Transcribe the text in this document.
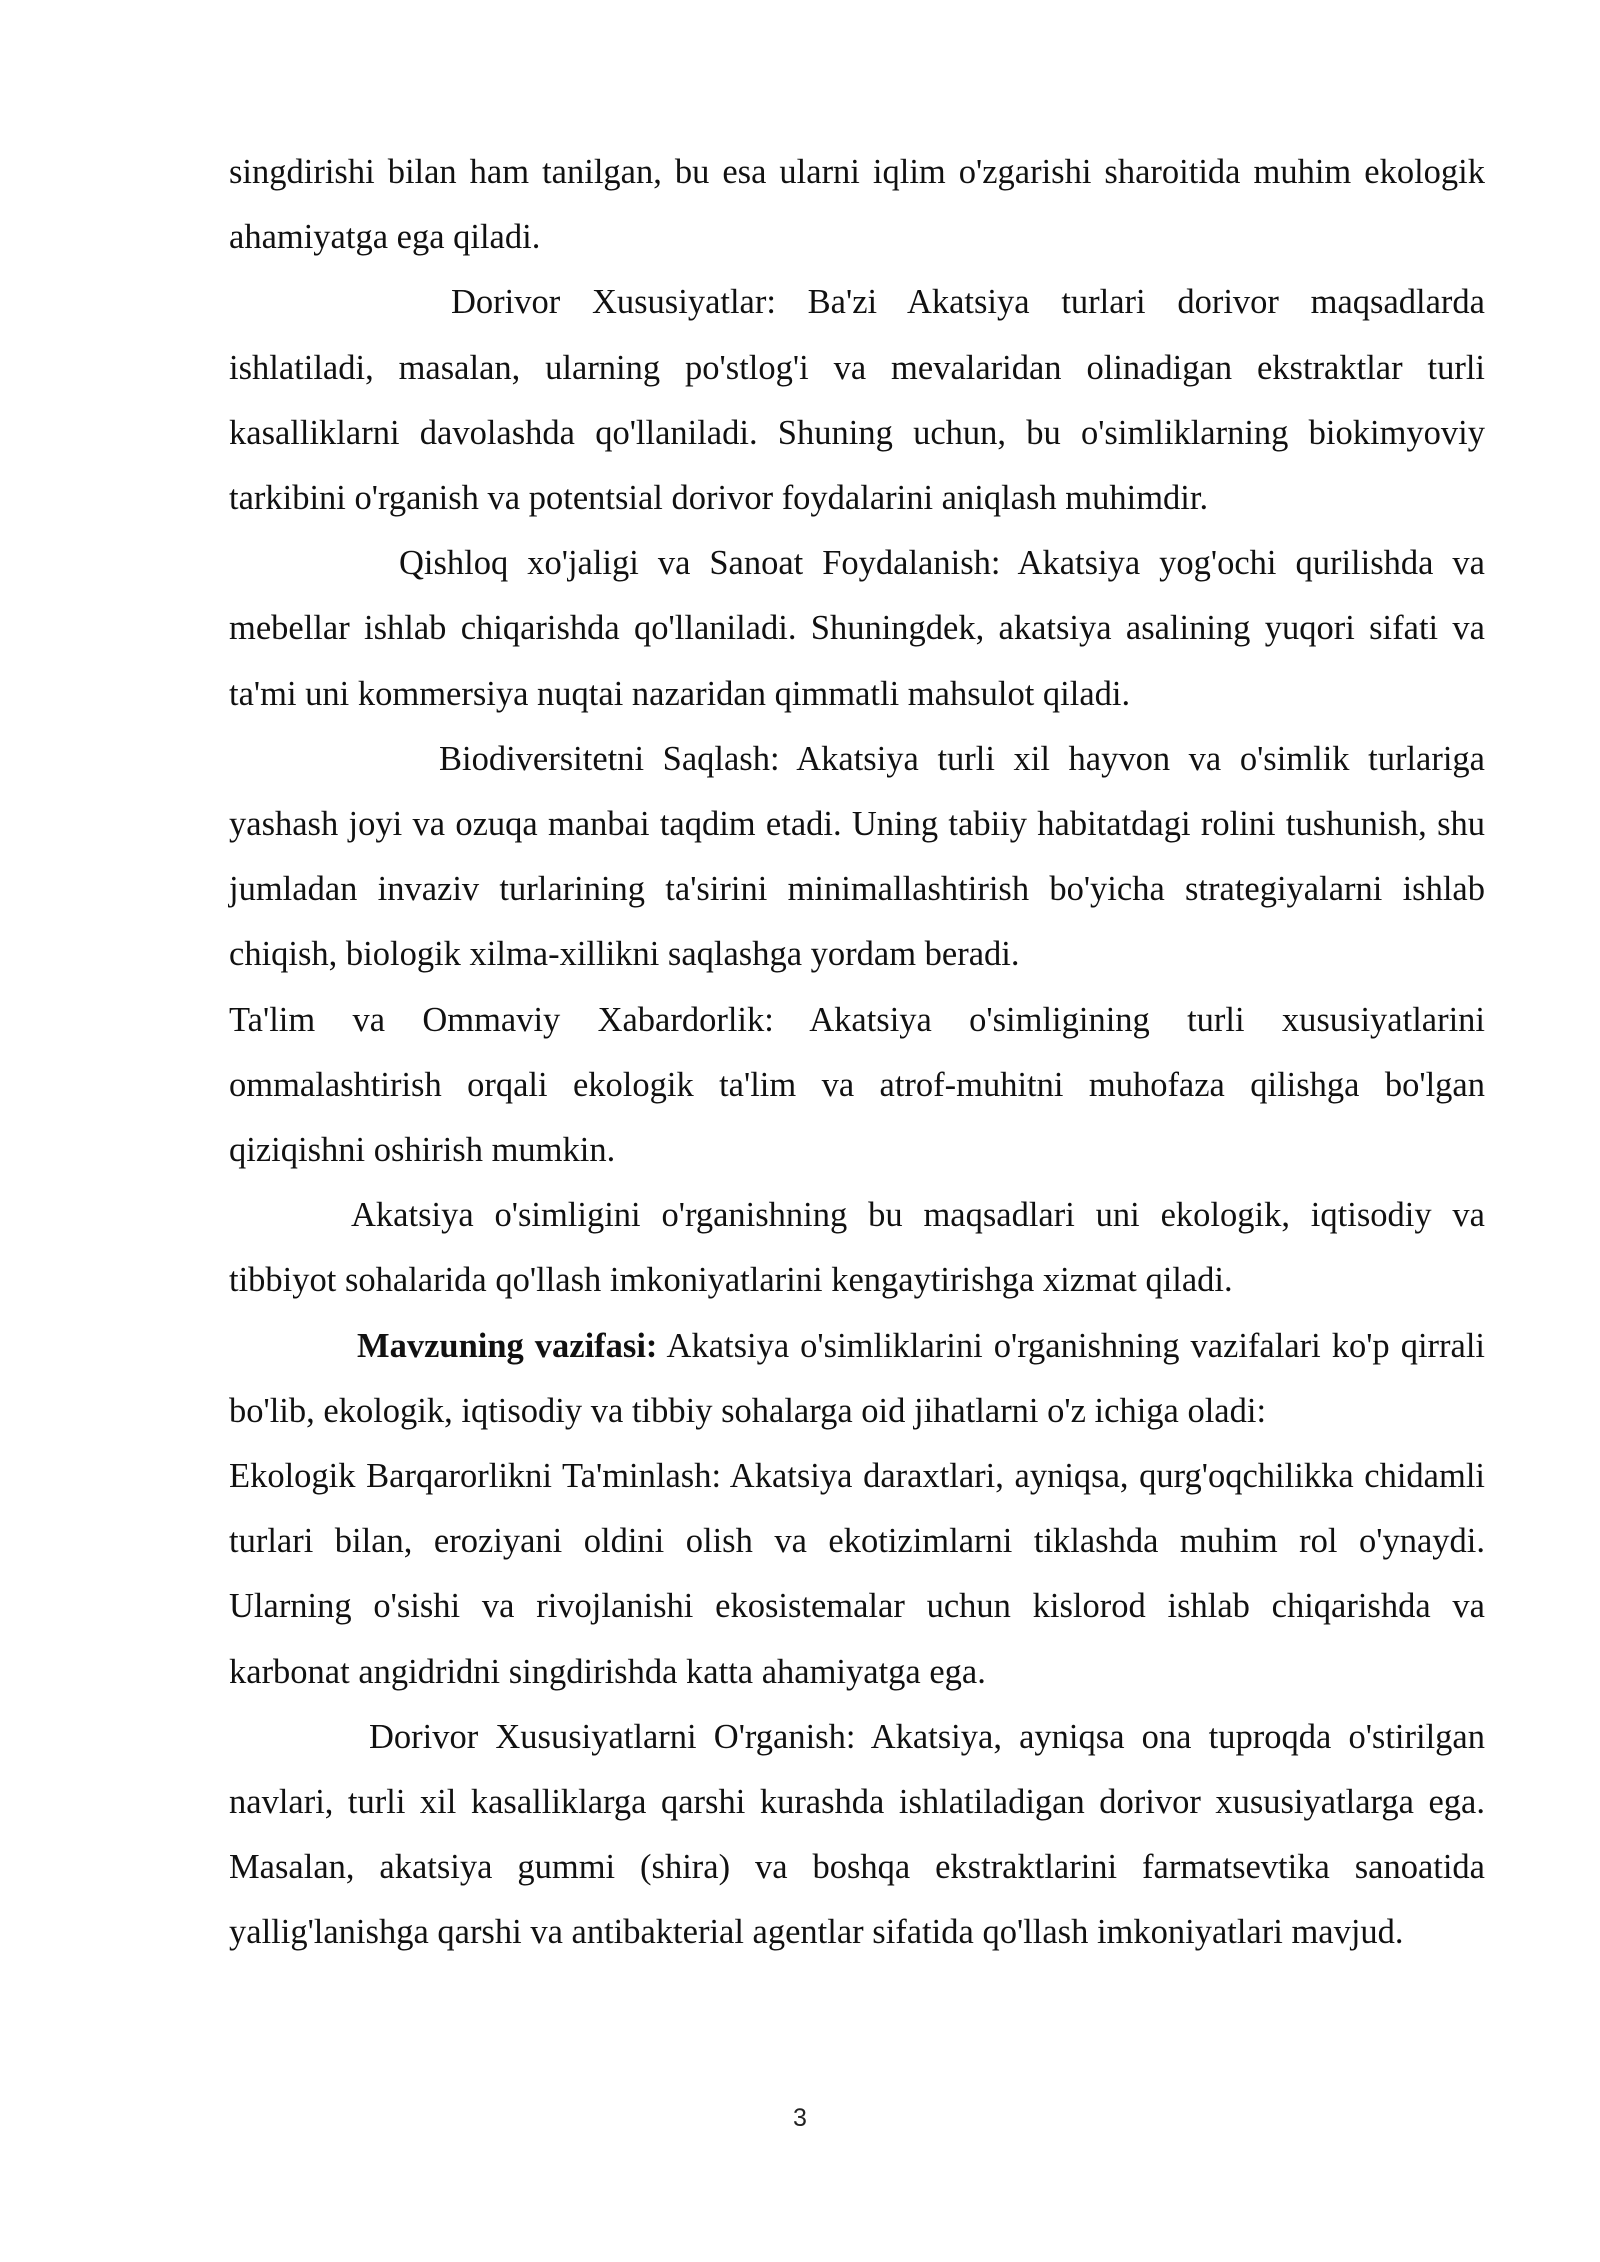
singdirishi bilan ham tanilgan, bu esa ularni iqlim o'zgarishi sharoitida muhim ekologik ahamiyatga ega qiladi.

Dorivor Xususiyatlar: Ba'zi Akatsiya turlari dorivor maqsadlarda ishlatiladi, masalan, ularning po'stlog'i va mevalaridan olinadigan ekstraktlar turli kasalliklarni davolashda qo'llaniladi. Shuning uchun, bu o'simliklarning biokimyoviy tarkibini o'rganish va potentsial dorivor foydalarini aniqlash muhimdir.

Qishloq xo'jaligi va Sanoat Foydalanish: Akatsiya yog'ochi qurilishda va mebellar ishlab chiqarishda qo'llaniladi. Shuningdek, akatsiya asalining yuqori sifati va ta'mi uni kommersiya nuqtai nazaridan qimmatli mahsulot qiladi.

Biodiversitetni Saqlash: Akatsiya turli xil hayvon va o'simlik turlariga yashash joyi va ozuqa manbai taqdim etadi. Uning tabiiy habitatdagi rolini tushunish, shu jumladan invaziv turlarining ta'sirini minimallashtirish bo'yicha strategiyalarni ishlab chiqish, biologik xilma-xillikni saqlashga yordam beradi.

Ta'lim va Ommaviy Xabardorlik: Akatsiya o'simligining turli xususiyatlarini ommalashtirish orqali ekologik ta'lim va atrof-muhitni muhofaza qilishga bo'lgan qiziqishni oshirish mumkin.

Akatsiya o'simligini o'rganishning bu maqsadlari uni ekologik, iqtisodiy va tibbiyot sohalarida qo'llash imkoniyatlarini kengaytirishga xizmat qiladi.

Mavzuning vazifasi: Akatsiya o'simliklarini o'rganishning vazifalari ko'p qirrali bo'lib, ekologik, iqtisodiy va tibbiy sohalarga oid jihatlarni o'z ichiga oladi:

Ekologik Barqarorlikni Ta'minlash: Akatsiya daraxtlari, ayniqsa, qurg'oqchilikka chidamli turlari bilan, eroziyani oldini olish va ekotizimlarni tiklashda muhim rol o'ynaydi. Ularning o'sishi va rivojlanishi ekosistemalar uchun kislorod ishlab chiqarishda va karbonat angidridni singdirishda katta ahamiyatga ega.

Dorivor Xususiyatlarni O'rganish: Akatsiya, ayniqsa ona tuproqda o'stirilgan navlari, turli xil kasalliklarga qarshi kurashda ishlatiladigan dorivor xususiyatlarga ega. Masalan, akatsiya gummi (shira) va boshqa ekstraktlarini farmatsevtika sanoatida yallig'lanishga qarshi va antibakterial agentlar sifatida qo'llash imkoniyatlari mavjud.

3
